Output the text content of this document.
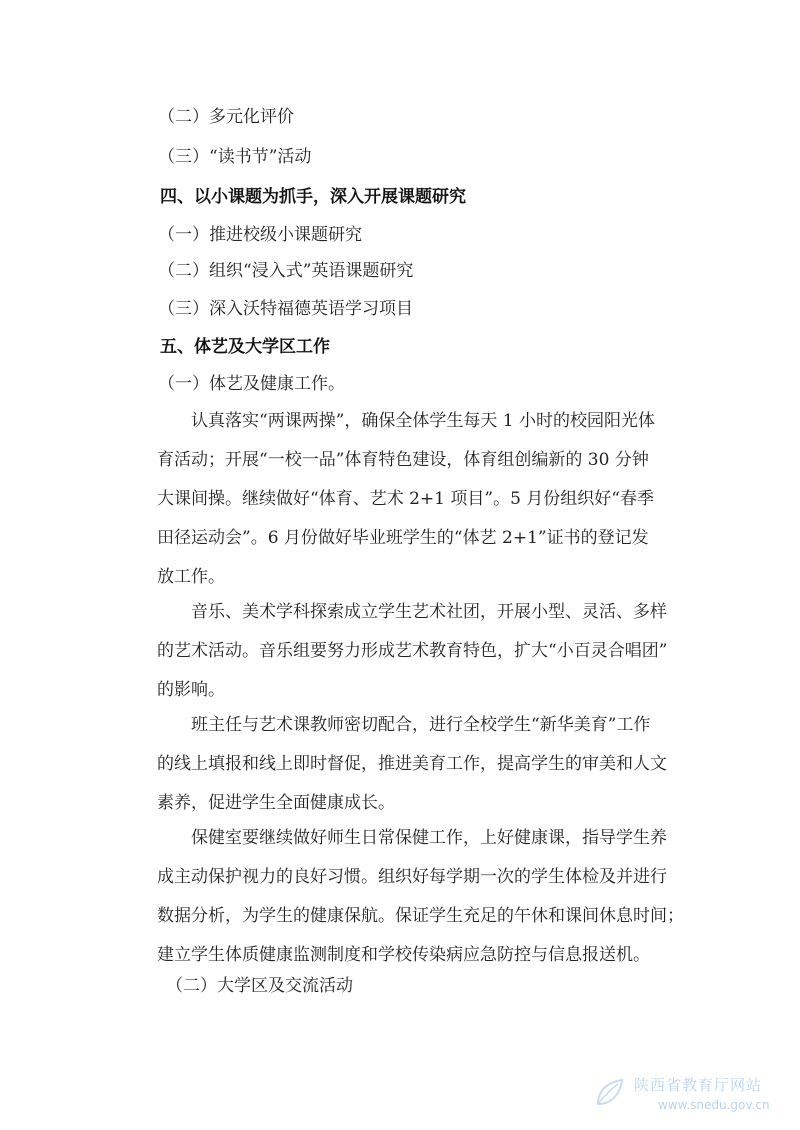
（二）多元化评价
（三）“读书节”活动
四、以小课题为抓手，深入开展课题研究
（一）推进校级小课题研究
（二）组织“浸入式”英语课题研究
（三）深入沃特福德英语学习项目
五、体艺及大学区工作
（一）体艺及健康工作。
认真落实“两课两操”，确保全体学生每天 1 小时的校园阳光体
育活动；开展“一校一品”体育特色建设，体育组创编新的 30 分钟
大课间操。继续做好“体育、艺术 2+1 项目”。5 月份组织好“春季
田径运动会”。6 月份做好毕业班学生的“体艺 2+1”证书的登记发
放工作。
音乐、美术学科探索成立学生艺术社团，开展小型、灵活、多样
的艺术活动。音乐组要努力形成艺术教育特色，扩大“小百灵合唱团”
的影响。
班主任与艺术课教师密切配合，进行全校学生“新华美育”工作
的线上填报和线上即时督促，推进美育工作，提高学生的审美和人文
素养，促进学生全面健康成长。
保健室要继续做好师生日常保健工作，上好健康课，指导学生养
成主动保护视力的良好习惯。组织好每学期一次的学生体检及并进行
数据分析，为学生的健康保航。保证学生充足的午休和课间休息时间；
建立学生体质健康监测制度和学校传染病应急防控与信息报送机。
（二）大学区及交流活动
陕西省教育厅网站
www.snedu.gov.cn
